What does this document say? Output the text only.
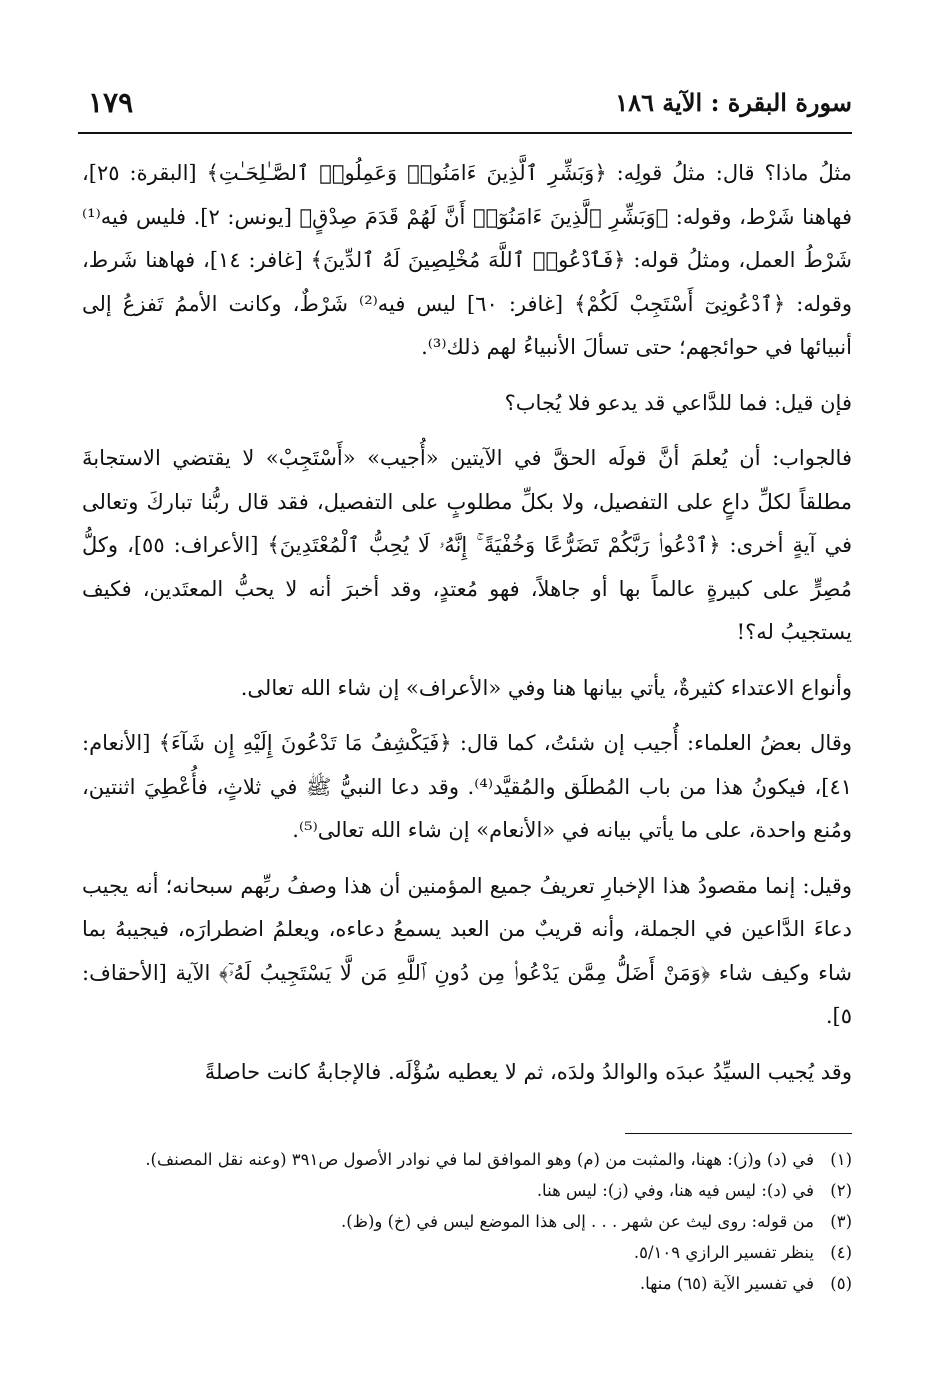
سورة البقرة : الآية ١٨٦
١٧٩

مثلُ ماذا؟ قال: مثلُ قولِه: ﴿وَبَشِّرِ ٱلَّذِينَ ءَامَنُوا۟ وَعَمِلُوا۟ ٱلصَّـٰلِحَـٰتِ﴾ [البقرة: ٢٥]، فهاهنا شَرْط، وقوله: ﴿وَبَشِّرِ ٱلَّذِينَ ءَامَنُوٓا۟ أَنَّ لَهُمْ قَدَمَ صِدْقٍ﴾ [يونس: ٢]. فليس فيه⁽¹⁾ شَرْطُ العمل، ومثلُ قوله: ﴿فَٱدْعُوا۟ ٱللَّهَ مُخْلِصِينَ لَهُ ٱلدِّينَ﴾ [غافر: ١٤]، فهاهنا شَرط، وقوله: ﴿ٱدْعُونِىٓ أَسْتَجِبْ لَكُمْ﴾ [غافر: ٦٠] ليس فيه⁽²⁾ شَرْطٌ، وكانت الأممُ تَفزعُ إلى أنبيائها في حوائجهم؛ حتى تسألَ الأنبياءُ لهم ذلك⁽³⁾.

فإن قيل: فما للدَّاعي قد يدعو فلا يُجاب؟

فالجواب: أن يُعلمَ أنَّ قولَه الحقَّ في الآيتين «أُجيب» «أَسْتَجِبْ» لا يقتضي الاستجابةَ مطلقاً لكلِّ داعٍ على التفصيل، ولا بكلِّ مطلوبٍ على التفصيل، فقد قال ربُّنا تباركَ وتعالى في آيةٍ أخرى: ﴿ٱدْعُوا۟ رَبَّكُمْ تَضَرُّعًا وَخُفْيَةً ۚ إِنَّهُۥ لَا يُحِبُّ ٱلْمُعْتَدِينَ﴾ [الأعراف: ٥٥]، وكلُّ مُصِرٍّ على كبيرةٍ عالماً بها أو جاهلاً، فهو مُعتدٍ، وقد أخبرَ أنه لا يحبُّ المعتَدين، فكيف يستجيبُ له؟!

وأنواع الاعتداء كثيرةٌ، يأتي بيانها هنا وفي «الأعراف» إن شاء الله تعالى.

وقال بعضُ العلماء: أُجيب إن شئتُ، كما قال: ﴿فَيَكْشِفُ مَا تَدْعُونَ إِلَيْهِ إِن شَآءَ﴾ [الأنعام: ٤١]، فيكونُ هذا من باب المُطلَق والمُقيَّد⁽⁴⁾. وقد دعا النبيُّ ﷺ في ثلاثٍ، فأُعْطِيَ اثنتين، ومُنع واحدة، على ما يأتي بيانه في «الأنعام» إن شاء الله تعالى⁽⁵⁾.

وقيل: إنما مقصودُ هذا الإخبارِ تعريفُ جميع المؤمنين أن هذا وصفُ ربِّهم سبحانه؛ أنه يجيب دعاءَ الدَّاعين في الجملة، وأنه قريبٌ من العبد يسمعُ دعاءه، ويعلمُ اضطرارَه، فيجيبهُ بما شاء وكيف شاء ﴿وَمَنْ أَضَلُّ مِمَّن يَدْعُوا۟ مِن دُونِ ٱللَّهِ مَن لَّا يَسْتَجِيبُ لَهُۥٓ﴾ الآية [الأحقاف: ٥].

وقد يُجيب السيِّدُ عبدَه والوالدُ ولدَه، ثم لا يعطيه سُؤْلَه. فالإجابةُ كانت حاصلةً

(١)
في (د) و(ز): ههنا، والمثبت من (م) وهو الموافق لما في نوادر الأصول ص٣٩١ (وعنه نقل المصنف).
(٢)
في (د): ليس فيه هنا، وفي (ز): ليس هنا.
(٣)
من قوله: روى ليث عن شهر . . . إلى هذا الموضع ليس في (خ) و(ظ).
(٤)
ينظر تفسير الرازي ٥/١٠٩.
(٥)
في تفسير الآية (٦٥) منها.
